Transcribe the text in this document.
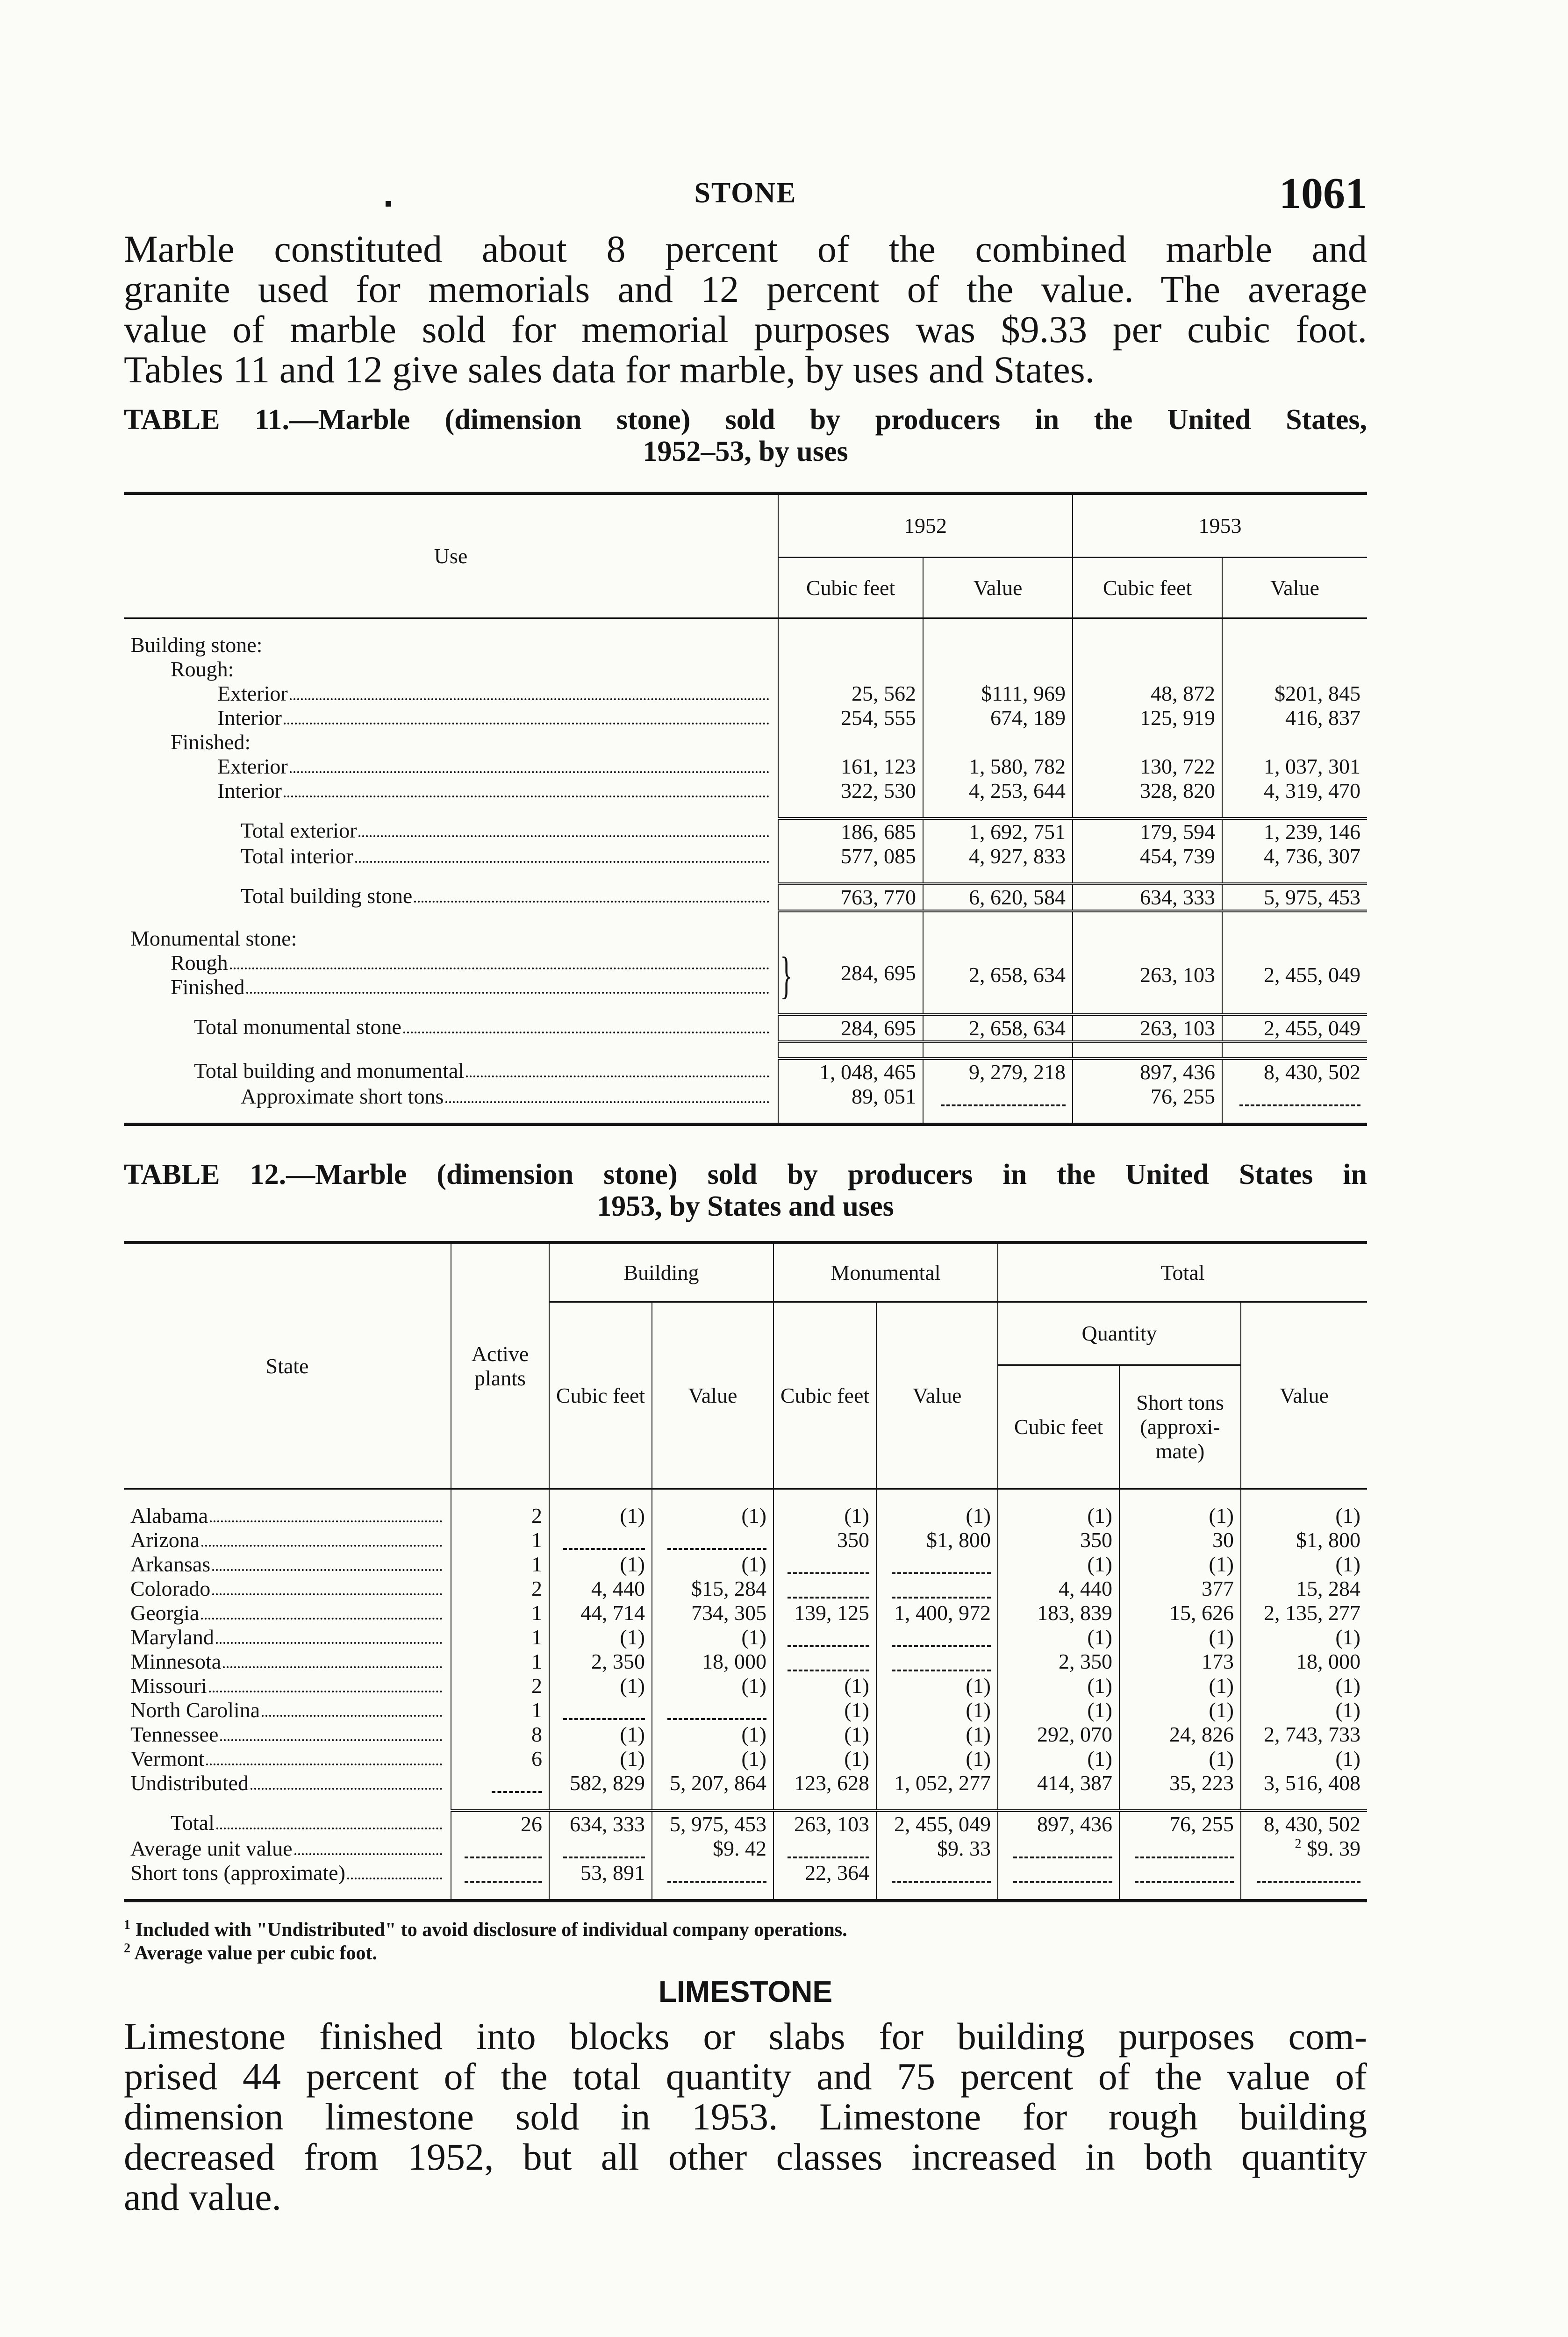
STONE	1061

Marble constituted about 8 percent of the combined marble and
granite used for memorials and 12 percent of the value. The average
value of marble sold for memorial purposes was $9.33 per cubic foot.
Tables 11 and 12 give sales data for marble, by uses and States.

TABLE 11.—Marble (dimension stone) sold by producers in the United States,
1952–53, by uses

Use	1952		1953	
	Cubic feet	Value	Cubic feet	Value

Building stone:				
Rough:				

Exterior	25, 562	$111, 969	48, 872	$201, 845

Interior	254, 555	674, 189	125, 919	416, 837
Finished:				

Exterior	161, 123	1, 580, 782	130, 722	1, 037, 301

Interior	322, 530	4, 253, 644	328, 820	4, 319, 470

Total exterior	186, 685	1, 692, 751	179, 594	1, 239, 146

Total interior	577, 085	4, 927, 833	454, 739	4, 736, 307

Total building stone	763, 770	6, 620, 584	634, 333	5, 975, 453

Monumental stone:				

Rough	} 284, 695	2, 658, 634	263, 103	2, 455, 049

Finished				

Total monumental stone	284, 695	2, 658, 634	263, 103	2, 455, 049

Total building and monumental	1, 048, 465	9, 279, 218	897, 436	8, 430, 502

Approximate short tons	89, 051		76, 255	

TABLE 12.—Marble (dimension stone) sold by producers in the United States in
1953, by States and uses

State	Active plants	Building		Monumental		Total		
		Cubic feet	Value	Cubic feet	Value	Quantity		Value
						Cubic feet	Short tons (approxi-mate)	

Alabama	2	(1)	(1)	(1)	(1)	(1)	(1)	(1)

Arizona	1			350	$1, 800	350	30	$1, 800

Arkansas	1	(1)	(1)			(1)	(1)	(1)

Colorado	2	4, 440	$15, 284			4, 440	377	15, 284

Georgia	1	44, 714	734, 305	139, 125	1, 400, 972	183, 839	15, 626	2, 135, 277

Maryland	1	(1)	(1)			(1)	(1)	(1)

Minnesota	1	2, 350	18, 000			2, 350	173	18, 000

Missouri	2	(1)	(1)	(1)	(1)	(1)	(1)	(1)

North Carolina	1			(1)	(1)	(1)	(1)	(1)

Tennessee	8	(1)	(1)	(1)	(1)	292, 070	24, 826	2, 743, 733

Vermont	6	(1)	(1)	(1)	(1)	(1)	(1)	(1)

Undistributed		582, 829	5, 207, 864	123, 628	1, 052, 277	414, 387	35, 223	3, 516, 408

Total	26	634, 333	5, 975, 453	263, 103	2, 455, 049	897, 436	76, 255	8, 430, 502

Average unit value			$9. 42		$9. 33			$^2$ $9. 39

Short tons (approximate)		53, 891		22, 364				

$^1$ Included with "Undistributed" to avoid disclosure of individual company operations.

$^2$ Average value per cubic foot.

LIMESTONE

Limestone finished into blocks or slabs for building purposes com-
prised 44 percent of the total quantity and 75 percent of the value of
dimension limestone sold in 1953. Limestone for rough building
decreased from 1952, but all other classes increased in both quantity
and value.
